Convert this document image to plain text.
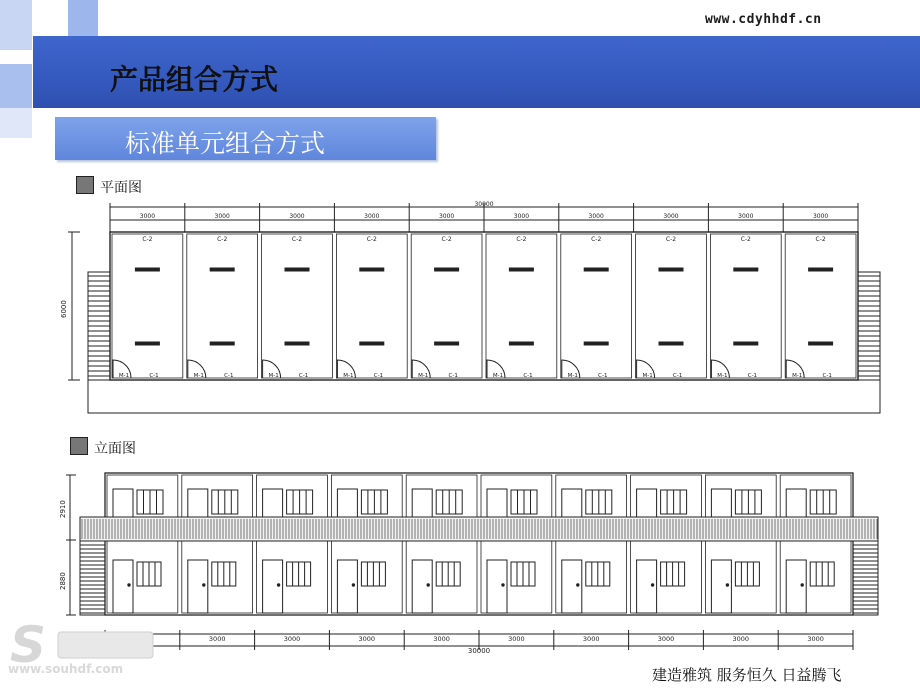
www.cdyhhdf.cn
产品组合方式
标准单元组合方式
平面图
立面图
30000
3000	3000	3000	3000	3000	3000	3000	3000	3000	3000
6000
C-2
M-1	C-1
C-2
M-1	C-1
C-2
M-1	C-1
C-2
M-1	C-1
C-2
M-1	C-1
C-2
M-1	C-1
C-2
M-1	C-1
C-2
M-1	C-1
C-2
M-1	C-1
C-2
M-1	C-1
2910
2880
3000	3000	3000	3000	3000	3000	3000	3000	3000
30000
S
www.souhdf.com	建造雅筑 服务恒久 日益腾飞
